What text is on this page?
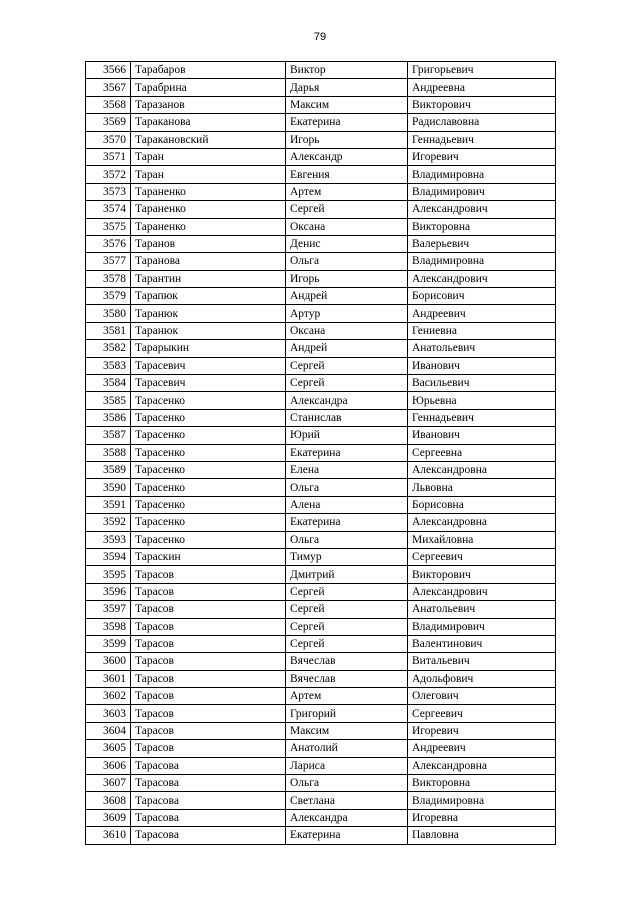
79
3566	Тарабаров	Виктор	Григорьевич
3567	Тарабрина	Дарья	Андреевна
3568	Таразанов	Максим	Викторович
3569	Тараканова	Екатерина	Радиславовна
3570	Тараканoвский	Игорь	Геннадьевич
3571	Таран	Александр	Игоревич
3572	Таран	Евгения	Владимировна
3573	Тараненко	Артем	Владимирович
3574	Тараненко	Сергей	Александрович
3575	Тараненко	Оксана	Викторовна
3576	Таранов	Денис	Валерьевич
3577	Таранова	Ольга	Владимировна
3578	Тарантин	Игорь	Александрович
3579	Тарапюк	Андрей	Борисович
3580	Таранюк	Артур	Андреевич
3581	Таранюк	Оксана	Гениевна
3582	Тарарыкин	Андрей	Анатольевич
3583	Тарасевич	Сергей	Иванович
3584	Тарасевич	Сергей	Васильевич
3585	Тарасенко	Александра	Юрьевна
3586	Тарасенко	Станислав	Геннадьевич
3587	Тарасенко	Юрий	Иванович
3588	Тарасенко	Екатерина	Сергеевна
3589	Тарасенко	Елена	Александровна
3590	Тарасенко	Ольга	Львовна
3591	Тарасенко	Алена	Борисовна
3592	Тарасенко	Екатерина	Александровна
3593	Тарасенко	Ольга	Михайловна
3594	Тараскин	Тимур	Сергеевич
3595	Тарасов	Дмитрий	Викторович
3596	Тарасов	Сергей	Александрович
3597	Тарасов	Сергей	Анатольевич
3598	Тарасов	Сергей	Владимирович
3599	Тарасов	Сергей	Валентинович
3600	Тарасов	Вячеслав	Витальевич
3601	Тарасов	Вячеслав	Адольфович
3602	Тарасов	Артем	Олегович
3603	Тарасов	Григорий	Сергеевич
3604	Тарасов	Максим	Игоревич
3605	Тарасов	Анатолий	Андреевич
3606	Тарасова	Лариса	Александровна
3607	Тарасова	Ольга	Викторовна
3608	Тарасова	Светлана	Владимировна
3609	Тарасова	Александра	Игоревна
3610	Тарасова	Екатерина	Павловна
